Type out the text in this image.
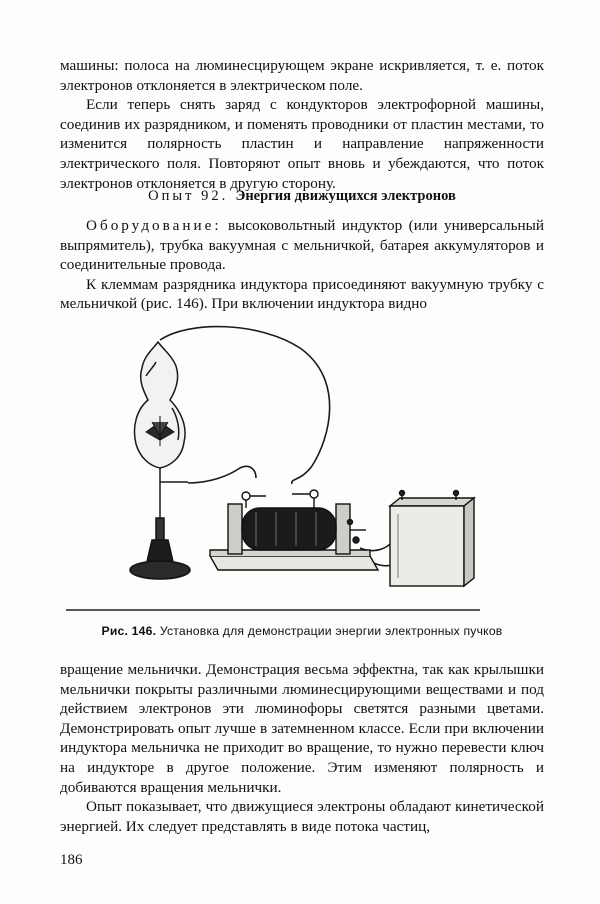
машины: полоса на люминесцирующем экране искривляется, т. е. поток электронов отклоняется в электрическом поле.

Если теперь снять заряд с кондукторов электрофорной машины, соединив их разрядником, и поменять проводники от пластин местами, то изменится полярность пластин и направление напряженности электрического поля. Повторяют опыт вновь и убеждаются, что поток электронов отклоняется в другую сторону.

Опыт 92. Энергия движущихся электронов

Оборудование: высоковольтный индуктор (или универсальный выпрямитель), трубка вакуумная с мельничкой, батарея аккумуляторов и соединительные провода.

К клеммам разрядника индуктора присоединяют вакуумную трубку с мельничкой (рис. 146). При включении индуктора видно

Рис. 146. Установка для демонстрации энергии электронных пучков

вращение мельнички. Демонстрация весьма эффектна, так как крылышки мельнички покрыты различными люминесцирующими веществами и под действием электронов эти люминофоры светятся разными цветами. Демонстрировать опыт лучше в затемненном классе. Если при включении индуктора мельничка не приходит во вращение, то нужно перевести ключ на индукторе в другое положение. Этим изменяют полярность и добиваются вращения мельнички.

Опыт показывает, что движущиеся электроны обладают кинетической энергией. Их следует представлять в виде потока частиц,

186
